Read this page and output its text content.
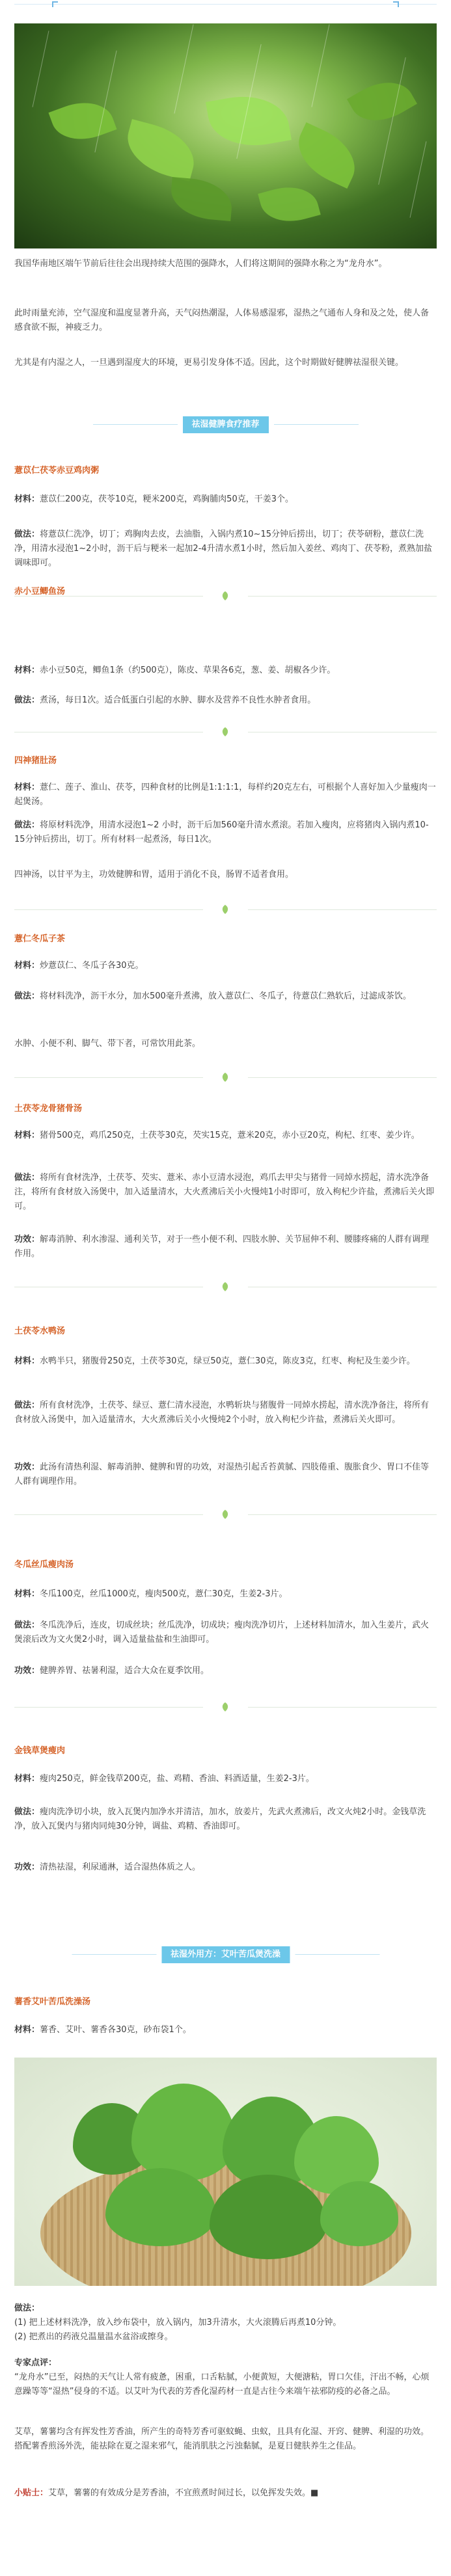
我国华南地区端午节前后往往会出现持续大范围的强降水，人们将这期间的强降水称之为“龙舟水”。

此时雨量充沛，空气湿度和温度显著升高，天气闷热潮湿，人体易感湿邪，湿热之气通布人身和及之处，使人备感食欲不振，神疲乏力。

尤其是有内湿之人，一旦遇到湿度大的环境，更易引发身体不适。因此，这个时期做好健脾祛湿很关键。

祛湿健脾食疗推荐
薏苡仁茯苓赤豆鸡肉粥

材料：薏苡仁200克，茯苓10克，粳米200克，鸡胸脯肉50克，干姜3个。

做法：将薏苡仁洗净，切丁；鸡胸肉去皮，去油脂，入锅内煮10~15分钟后捞出，切丁；茯苓研粉，薏苡仁洗净，用清水浸泡1~2小时，沥干后与粳米一起加2-4升清水煮1小时，然后加入姜丝、鸡肉丁、茯苓粉，煮熟加盐调味即可。

赤小豆鲫鱼汤

材料：赤小豆50克，鲫鱼1条（约500克），陈皮、草果各6克，葱、姜、胡椒各少许。

做法：煮汤，每日1次。适合低蛋白引起的水肿、脚水及营养不良性水肿者食用。

四神猪肚汤

材料：薏仁、莲子、淮山、茯苓，四种食材的比例是1:1:1:1，每样约20克左右，可根据个人喜好加入少量瘦肉一起煲汤。

做法：将原材料洗净，用清水浸泡1~2 小时，沥干后加560毫升清水煮滚。若加入瘦肉，应将猪肉入锅内煮10-15分钟后捞出，切丁。所有材料一起煮汤，每日1次。

四神汤，以甘平为主，功效健脾和胃，适用于消化不良，肠胃不适者食用。

薏仁冬瓜子茶

材料：炒薏苡仁、冬瓜子各30克。

做法：将材料洗净，沥干水分，加水500毫升煮沸，放入薏苡仁、冬瓜子，待薏苡仁熟软后，过滤成茶饮。

水肿、小便不利、脚气、带下者，可常饮用此茶。

土茯苓龙骨猪骨汤

材料：猪骨500克，鸡爪250克，土茯苓30克，芡实15克，薏米20克，赤小豆20克，枸杞、红枣、姜少许。

做法：将所有食材洗净，土茯苓、芡实、薏米、赤小豆清水浸泡，鸡爪去甲尖与猪骨一同焯水捞起，清水洗净备注，将所有食材放入汤煲中，加入适量清水，大火煮沸后关小火慢炖1小时即可，放入枸杞少许盐，煮沸后关火即可。

功效：解毒消肿、利水渗湿、通利关节，对于一些小便不利、四肢水肿、关节屈伸不利、腰膝疼痛的人群有调理作用。

土茯苓水鸭汤

材料：水鸭半只，猪腹骨250克，土茯苓30克，绿豆50克，薏仁30克，陈皮3克，红枣、枸杞及生姜少许。

做法：所有食材洗净，土茯苓、绿豆、薏仁清水浸泡，水鸭斩块与猪腹骨一同焯水捞起，清水洗净备注，将所有食材放入汤煲中，加入适量清水，大火煮沸后关小火慢炖2个小时，放入枸杞少许盐，煮沸后关火即可。

功效：此汤有清热利湿、解毒消肿、健脾和胃的功效，对湿热引起舌苔黄腻、四肢倦重、腹胀食少、胃口不佳等人群有调理作用。

冬瓜丝瓜瘦肉汤

材料：冬瓜100克，丝瓜1000克，瘦肉500克，薏仁30克，生姜2-3片。

做法：冬瓜洗净后，连皮，切成丝块；丝瓜洗净，切成块；瘦肉洗净切片，上述材料加清水，加入生姜片，武火煲滚后改为文火煲2小时，调入适量盐盐和生油即可。

功效：健脾养胃、祛暑利湿，适合大众在夏季饮用。

金钱草煲瘦肉

材料：瘦肉250克，鲜金钱草200克，盐、鸡精、香油、料酒适量，生姜2-3片。

做法：瘦肉洗净切小块，放入瓦煲内加净水并清洁，加水，放姜片，先武火煮沸后，改文火炖2小时。金钱草洗净，放入瓦煲内与猪肉同炖30分钟，调盐、鸡精、香油即可。

功效：清热祛湿，利尿通淋，适合湿热体质之人。

祛湿外用方：艾叶苦瓜煲洗澡
薯香艾叶苦瓜洗澡汤

材料：薯香、艾叶、薯香各30克，砂布袋1个。

做法：

(1) 把上述材料洗净，放入纱布袋中，放入锅内，加3升清水，大火滚腾后再煮10分钟。

(2) 把煮出的药液兑温量温水盆浴或擦身。

专家点评：

“龙舟水”已至，闷热的天气让人常有疲惫，困重，口舌粘腻，小便黄短，大便溏粘，胃口欠佳，汗出不畅，心烦意躁等等“湿热”侵身的不适。以艾叶为代表的芳香化湿药材一直是古往今来端午祛邪防疫的必备之品。

艾草，薯薯均含有挥发性芳香油，所产生的奇特芳香可驱蚊蝇、虫蚁，且具有化湿、开窍、健脾、利湿的功效。搭配薯香煎汤外洗，能祛除在夏之湿来邪气，能消肌肤之污浊黏腻，是夏日健肤养生之佳品。

小贴士：艾草，薯薯的有效成分是芳香油，不宜煎煮时间过长，以免挥发失效。■
